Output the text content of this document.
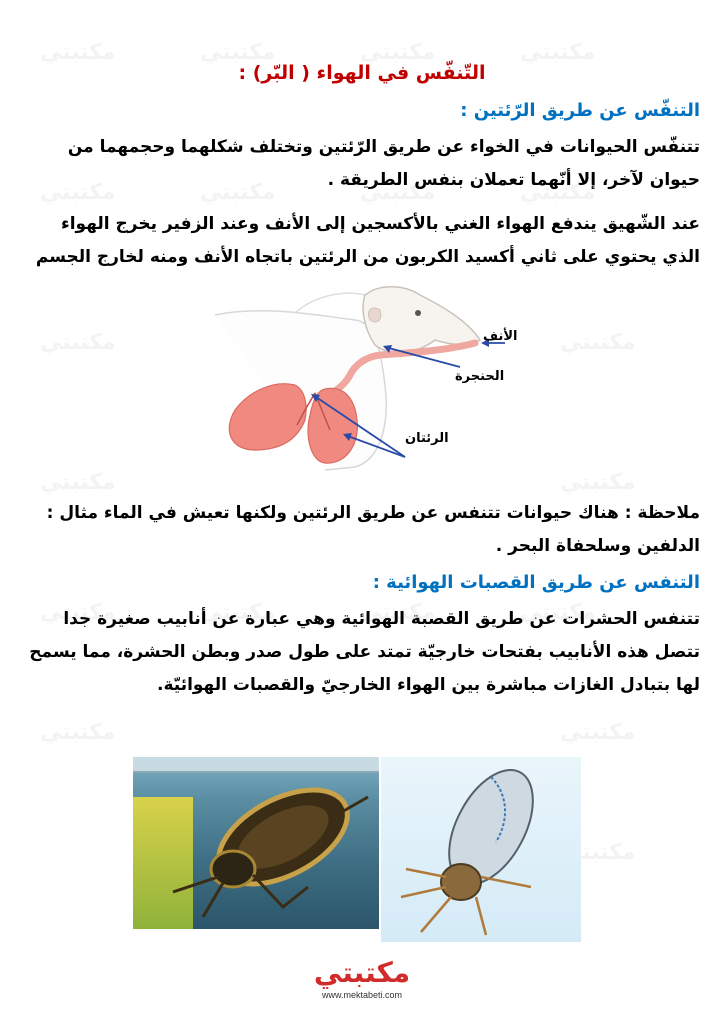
التّنفّس في الهواء ( البّر) :
التنفّس عن طريق الرّئتين :
تتنفّس الحيوانات في الخواء عن طريق الرّئتين وتختلف شكلهما وحجمهما من حيوان لآخر، إلا أنّهما تعملان بنفس الطريقة .
عند الشّهيق يندفع الهواء الغني بالأكسجين إلى الأنف وعند الزفير يخرج الهواء الذي يحتوي على ثاني أكسيد الكربون من الرئتين باتجاه الأنف ومنه لخارج الجسم
الأنف
الحنجرة
الرئتان
ملاحظة : هناك حيوانات تتنفس عن طريق الرئتين ولكنها تعيش في الماء مثال : الدلفين وسلحفاة البحر .
التنفس عن طريق القصبات الهوائية :
تتنفس الحشرات عن طريق القصبة الهوائية وهي عبارة عن أنابيب صغيرة جدا تتصل هذه الأنابيب بفتحات خارجيّة تمتد على طول صدر وبطن الحشرة، مما يسمح لها بتبادل الغازات مباشرة بين الهواء الخارجيّ والقصبات الهوائيّة.
مكتبتي
www.mektabeti.com
